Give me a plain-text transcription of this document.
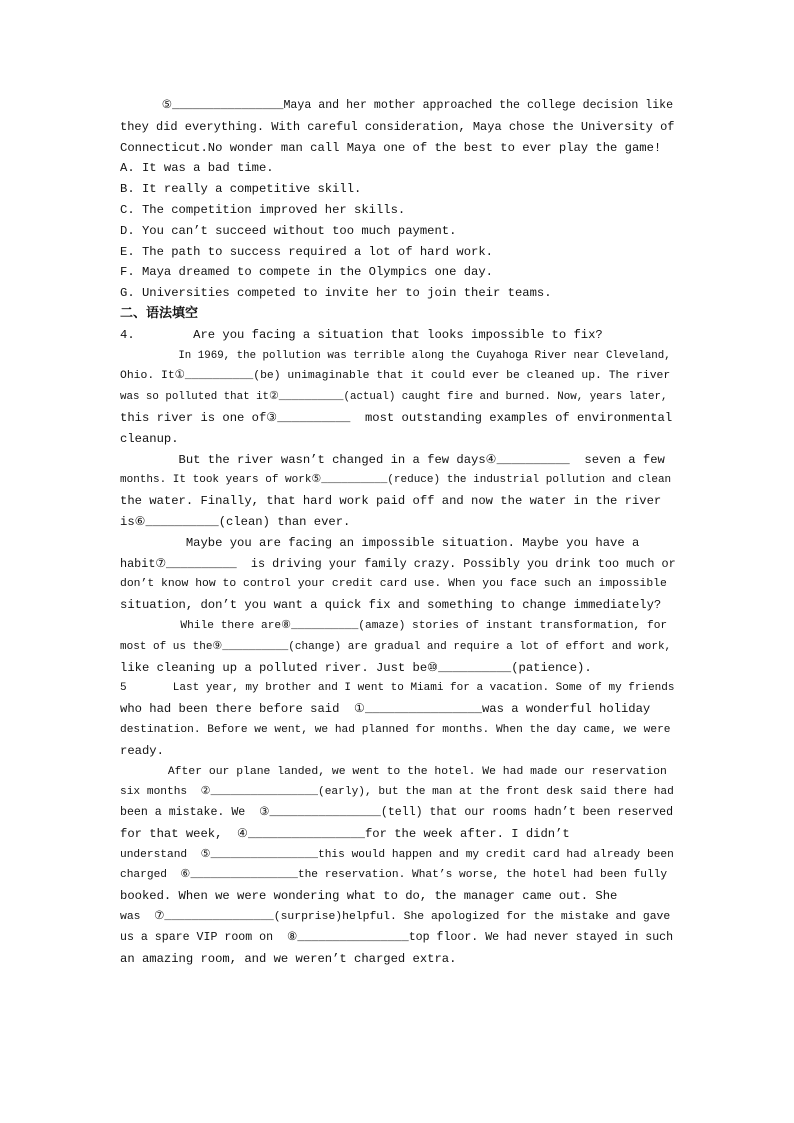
⑤________________Maya and her mother approached the college decision like
they did everything. With careful consideration, Maya chose the University of
Connecticut.No wonder man call Maya one of the best to ever play the game!
A. It was a bad time.
B. It really a competitive skill.
C. The competition improved her skills.
D. You can’t succeed without too much payment.
E. The path to success required a lot of hard work.
F. Maya dreamed to compete in the Olympics one day.
G. Universities competed to invite her to join their teams.
二、语法填空
4.        Are you facing a situation that looks impossible to fix?
In 1969, the pollution was terrible along the Cuyahoga River near Cleveland,
Ohio. It①__________(be) unimaginable that it could ever be cleaned up. The river
was so polluted that it②__________(actual) caught fire and burned. Now, years later,
this river is one of③__________  most outstanding examples of environmental
cleanup.
But the river wasn’t changed in a few days④__________  seven a few
months. It took years of work⑤__________(reduce) the industrial pollution and clean
the water. Finally, that hard work paid off and now the water in the river
is⑥__________(clean) than ever.
Maybe you are facing an impossible situation. Maybe you have a
habit⑦__________  is driving your family crazy. Possibly you drink too much or
don’t know how to control your credit card use. When you face such an impossible
situation, don’t you want a quick fix and something to change immediately?
While there are⑧__________(amaze) stories of instant transformation, for
most of us the⑨__________(change) are gradual and require a lot of effort and work,
like cleaning up a polluted river. Just be⑩__________(patience).
5       Last year, my brother and I went to Miami for a vacation. Some of my friends
who had been there before said  ①________________was a wonderful holiday
destination. Before we went, we had planned for months. When the day came, we were
ready.
After our plane landed, we went to the hotel. We had made our reservation
six months  ②________________(early), but the man at the front desk said there had
been a mistake. We  ③________________(tell) that our rooms hadn’t been reserved
for that week,  ④________________for the week after. I didn’t
understand  ⑤________________this would happen and my credit card had already been
charged  ⑥________________the reservation. What’s worse, the hotel had been fully
booked. When we were wondering what to do, the manager came out. She
was  ⑦________________(surprise)helpful. She apologized for the mistake and gave
us a spare VIP room on  ⑧________________top floor. We had never stayed in such
an amazing room, and we weren’t charged extra.
